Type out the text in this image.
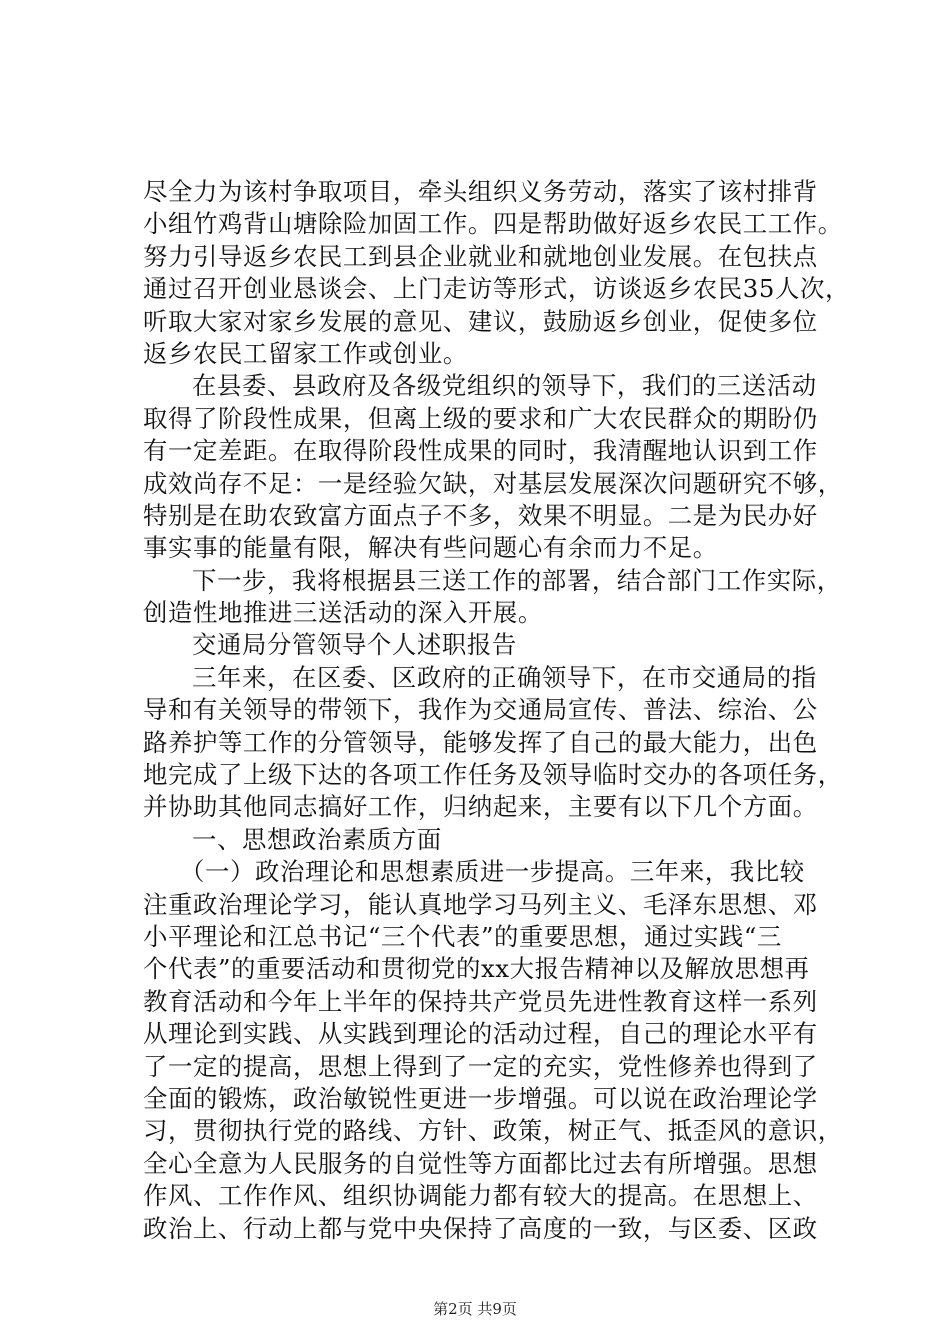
尽全力为该村争取项目，牵头组织义务劳动，落实了该村排背
小组竹鸡背山塘除险加固工作。四是帮助做好返乡农民工工作。
努力引导返乡农民工到县企业就业和就地创业发展。在包扶点
通过召开创业恳谈会、上门走访等形式，访谈返乡农民35人次，
听取大家对家乡发展的意见、建议，鼓励返乡创业，促使多位
返乡农民工留家工作或创业。
在县委、县政府及各级党组织的领导下，我们的三送活动
取得了阶段性成果，但离上级的要求和广大农民群众的期盼仍
有一定差距。在取得阶段性成果的同时，我清醒地认识到工作
成效尚存不足：一是经验欠缺，对基层发展深次问题研究不够，
特别是在助农致富方面点子不多，效果不明显。二是为民办好
事实事的能量有限，解决有些问题心有余而力不足。
下一步，我将根据县三送工作的部署，结合部门工作实际，
创造性地推进三送活动的深入开展。
交通局分管领导个人述职报告
三年来，在区委、区政府的正确领导下，在市交通局的指
导和有关领导的带领下，我作为交通局宣传、普法、综治、公
路养护等工作的分管领导，能够发挥了自己的最大能力，出色
地完成了上级下达的各项工作任务及领导临时交办的各项任务，
并协助其他同志搞好工作，归纳起来，主要有以下几个方面。
一、思想政治素质方面
（一）政治理论和思想素质进一步提高。三年来，我比较
注重政治理论学习，能认真地学习马列主义、毛泽东思想、邓
小平理论和江总书记“三个代表”的重要思想，通过实践“三
个代表”的重要活动和贯彻党的xx大报告精神以及解放思想再
教育活动和今年上半年的保持共产党员先进性教育这样一系列
从理论到实践、从实践到理论的活动过程，自己的理论水平有
了一定的提高，思想上得到了一定的充实，党性修养也得到了
全面的锻炼，政治敏锐性更进一步增强。可以说在政治理论学
习，贯彻执行党的路线、方针、政策，树正气、抵歪风的意识，
全心全意为人民服务的自觉性等方面都比过去有所增强。思想
作风、工作作风、组织协调能力都有较大的提高。在思想上、
政治上、行动上都与党中央保持了高度的一致，与区委、区政
第2页 共9页
